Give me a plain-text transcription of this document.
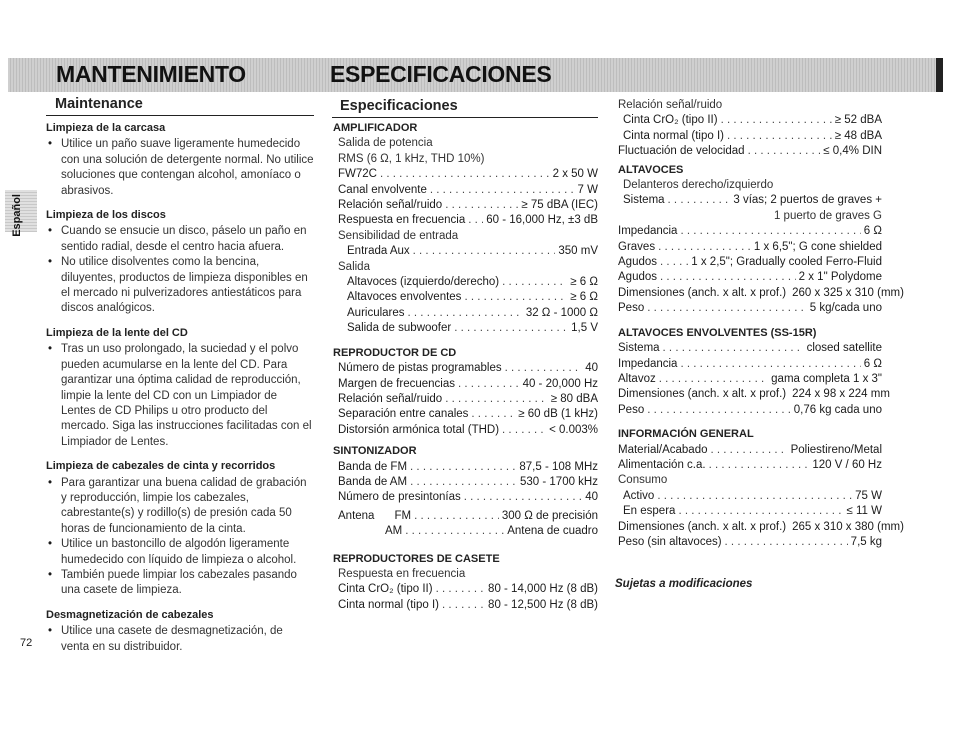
MANTENIMIENTO	ESPECIFICACIONES
Español
Maintenance
Limpieza de la carcasa
• Utilice un paño suave ligeramente humedecido con una solución de detergente normal. No utilice soluciones que contengan alcohol, amoníaco o abrasivos.
Limpieza de los discos
• Cuando se ensucie un disco, páselo un paño en sentido radial, desde el centro hacia afuera.
• No utilice disolventes como la bencina, diluyentes, productos de limpieza disponibles en el mercado ni pulverizadores antiestáticos para discos analógicos.
Limpieza de la lente del CD
• Tras un uso prolongado, la suciedad y el polvo pueden acumularse en la lente del CD. Para garantizar una óptima calidad de reproducción, limpie la lente del CD con un Limpiador de Lentes de CD Philips u otro producto del mercado. Siga las instrucciones facilitadas con el Limpiador de Lentes.
Limpieza de cabezales de cinta y recorridos
• Para garantizar una buena calidad de grabación y reproducción, limpie los cabezales, cabrestante(s) y rodillo(s) de presión cada 50 horas de funcionamiento de la cinta.
• Utilice un bastoncillo de algodón ligeramente humedecido con líquido de limpieza o alcohol.
• También puede limpiar los cabezales pasando una casete de limpieza.
Desmagnetización de cabezales
• Utilice una casete de desmagnetización, de venta en su distribuidor.
Especificaciones
AMPLIFICADOR
Salida de potencia
RMS (6 Ω, 1 kHz, THD 10%)
FW72C . . .	2 x 50 W
Canal envolvente . . .	7 W
Relación señal/ruido . . .	≥ 75 dBA (IEC)
Respuesta en frecuencia . . . 60 - 16,000 Hz, ±3 dB
Sensibilidad de entrada
Entrada Aux . . .	350 mV
Salida
Altavoces (izquierdo/derecho) . . .	≥ 6 Ω
Altavoces envolventes . . .	≥ 6 Ω
Auriculares . . .	32 Ω - 1000 Ω
Salida de subwoofer . . .	1,5 V
REPRODUCTOR DE CD
Número de pistas programables . . .	40
Margen de frecuencias . . .	40 - 20,000 Hz
Relación señal/ruido . . .	≥ 80 dBA
Separación entre canales . . .	≥ 60 dB (1 kHz)
Distorsión armónica total (THD) . . .	< 0.003%
SINTONIZADOR
Banda de FM . . .	87,5 - 108 MHz
Banda de AM . . .	530 - 1700 kHz
Número de presintonías . . .	40
Antena FM . . .	300 Ω de precisión
AM . . .	Antena de cuadro
REPRODUCTORES DE CASETE
Respuesta en frecuencia
Cinta CrO₂ (tipo II) . . .	80 - 14,000 Hz (8 dB)
Cinta normal (tipo I) . . .	80 - 12,500 Hz (8 dB)
Relación señal/ruido
Cinta CrO₂ (tipo II) . . .	≥ 52 dBA
Cinta normal (tipo I) . . .	≥ 48 dBA
Fluctuación de velocidad . . .	≤ 0,4% DIN
ALTAVOCES
Delanteros derecho/izquierdo
Sistema . . .	3 vías; 2 puertos de graves +
1 puerto de graves G
Impedancia . . .	6 Ω
Graves . . .	1 x 6,5"; G cone shielded
Agudos . . .	1 x 2,5"; Gradually cooled Ferro-Fluid
Agudos . . .	2 x 1" Polydome
Dimensiones (anch. x alt. x prof.) 260 x 325 x 310 (mm)
Peso . . .	5 kg/cada uno
ALTAVOCES ENVOLVENTES (SS-15R)
Sistema . . .	closed satellite
Impedancia . . .	6 Ω
Altavoz . . .	gama completa 1 x 3"
Dimensiones (anch. x alt. x prof.) 224 x 98 x 224 mm
Peso . . .	0,76 kg cada uno
INFORMACIÓN GENERAL
Material/Acabado . . .	Poliestireno/Metal
Alimentación c.a. . . .	120 V / 60 Hz
Consumo
Activo . . .	75 W
En espera . . .	≤ 11 W
Dimensiones (anch. x alt. x prof.) 265 x 310 x 380 (mm)
Peso (sin altavoces) . . .	7,5 kg
Sujetas a modificaciones
72
